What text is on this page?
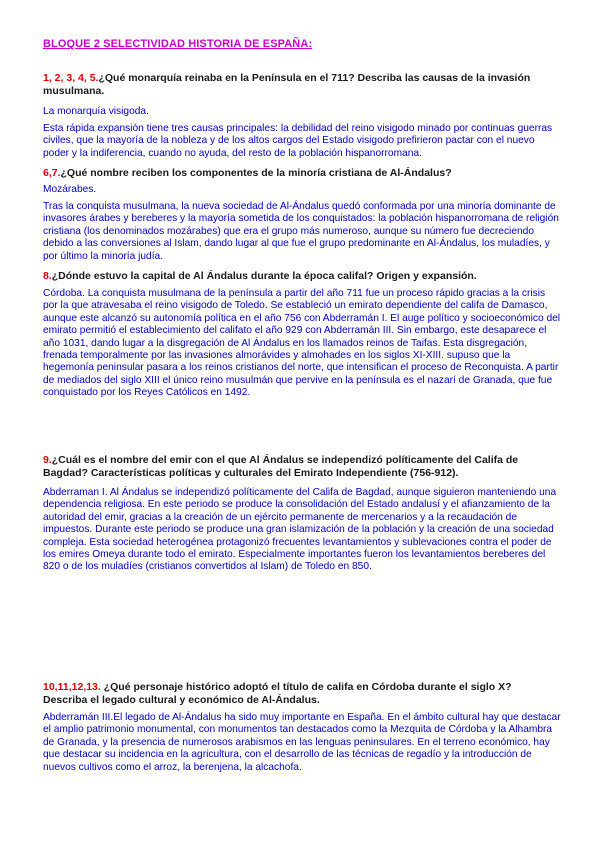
BLOQUE 2 SELECTIVIDAD HISTORIA DE ESPAÑA:
1, 2, 3, 4, 5.¿Qué monarquía reinaba en la Península en el 711? Describa las causas de la invasión musulmana.
La monarquía visigoda.
Esta rápida expansión tiene tres causas principales: la debilidad del reino visigodo minado por continuas guerras civiles, que la mayoría de la nobleza y de los altos cargos del Estado visigodo prefirieron pactar con el nuevo poder y la indiferencia, cuando no ayuda, del resto de la población hispanorromana.
6,7.¿Qué nombre reciben los componentes de la minoría cristiana de Al-Ándalus?
Mozárabes.
Tras la conquista musulmana, la nueva sociedad de Al-Ándalus quedó conformada por una minoría dominante de invasores árabes y bereberes y la mayoría sometida de los conquistados: la población hispanorromana de religión cristiana (los denominados mozárabes) que era el grupo más numeroso, aunque su número fue decreciendo debido a las conversiones al Islam, dando lugar al que fue el grupo predominante en Al-Ándalus, los muladíes, y por último la minoría judía.
8.¿Dónde estuvo la capital de Al Ándalus durante la época califal? Origen y expansión.
Córdoba. La conquista musulmana de la península a partir del año 711 fue un proceso rápido gracias a la crisis por la que atravesaba el reino visigodo de Toledo. Se estableció un emirato dependiente del califa de Damasco, aunque este alcanzó su autonomía política en el año 756 con Abderramán I. El auge político y socioeconómico del emirato permitió el establecimiento del califato el año 929 con Abderramán III. Sin embargo, este desaparece el año 1031, dando lugar a la disgregación de Al Ándalus en los llamados reinos de Taifas. Esta disgregación, frenada temporalmente por las invasiones almorávides y almohades en los siglos XI-XIII. supuso que la hegemonía peninsular pasara a los reinos cristianos del norte, que intensifican el proceso de Reconquista. A partir de mediados del siglo XIII el único reino musulmán que pervive en la península es el nazarí de Granada, que fue conquistado por los Reyes Católicos en 1492.
9.¿Cuál es el nombre del emir con el que Al Ándalus se independizó políticamente del Califa de Bagdad? Características políticas y culturales del Emirato Independiente (756-912).
Abderraman I. Al Ándalus se independizó políticamente del Califa de Bagdad, aunque siguieron manteniendo una dependencia religiosa. En este periodo se produce la consolidación del Estado andalusí y el afianzamiento de la autoridad del emir, gracias a la creación de un ejército permanente de mercenarios y a la recaudación de impuestos. Durante este periodo se produce una gran islamización de la población y la creación de una sociedad compleja. Esta sociedad heterogénea protagonizó frecuentes levantamientos y sublevaciones contra el poder de los emires Omeya durante todo el emirato. Especialmente importantes fueron los levantamientos bereberes del 820 o de los muladíes (cristianos convertidos al Islam) de Toledo en 850.
10,11,12,13. ¿Qué personaje histórico adoptó el título de califa en Córdoba durante el siglo X? Describa el legado cultural y económico de Al-Ándalus.
Abderramán III.El legado de Al-Ándalus ha sido muy importante en España. En el ámbito cultural hay que destacar el amplio patrimonio monumental, con monumentos tan destacados como la Mezquita de Córdoba y la Alhambra de Granada, y la presencia de numerosos arabismos en las lenguas peninsulares. En el terreno económico, hay que destacar su incidencia en la agricultura, con el desarrollo de las técnicas de regadío y la introducción de nuevos cultivos como el arroz, la berenjena, la alcachofa.
